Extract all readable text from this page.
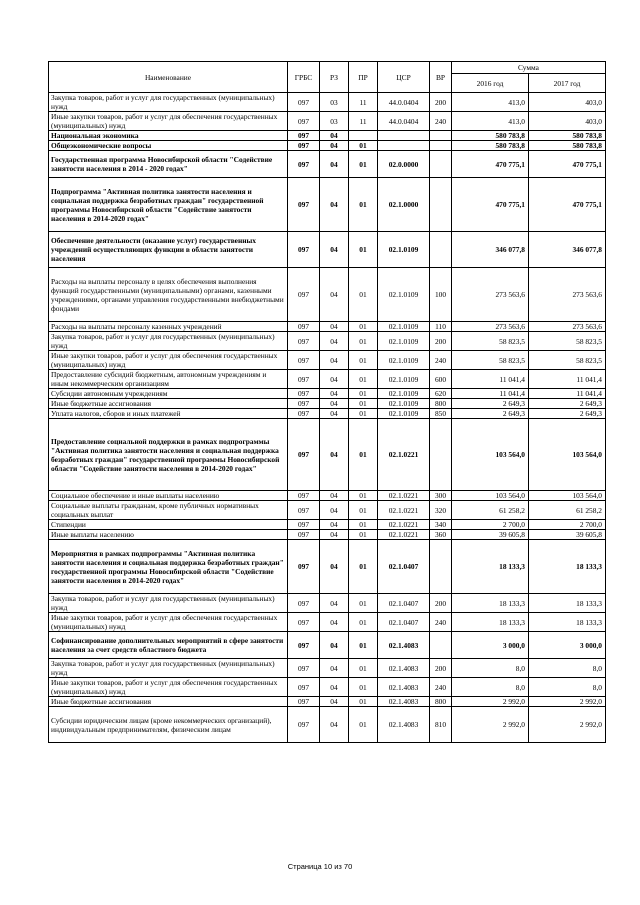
Наименование	ГРБС	РЗ	ПР	ЦСР	ВР	Сумма	
						2016 год	2017 год
Закупка товаров, работ и услуг для государственных (муниципальных) нужд	097	03	11	44.0.0404	200	413,0	403,0
Иные закупки товаров, работ и услуг для обеспечения государственных (муниципальных) нужд	097	03	11	44.0.0404	240	413,0	403,0
Национальная экономика	097	04				580 783,8	580 783,8
Общеэкономические вопросы	097	04	01			580 783,8	580 783,8
Государственная программа Новосибирской области "Содействие занятости населения в 2014 - 2020 годах"	097	04	01	02.0.0000		470 775,1	470 775,1
Подпрограмма "Активная политика занятости населения и социальная поддержка безработных граждан" государственной программы Новосибирской области "Содействие занятости населения в 2014-2020 годах"	097	04	01	02.1.0000		470 775,1	470 775,1
Обеспечение деятельности (оказание услуг) государственных учреждений осуществляющих функции в области занятости населения	097	04	01	02.1.0109		346 077,8	346 077,8
Расходы на выплаты персоналу в целях обеспечения выполнения функций государственными (муниципальными) органами, казенными учреждениями, органами управления государственными внебюджетными фондами	097	04	01	02.1.0109	100	273 563,6	273 563,6
Расходы на выплаты персоналу казенных учреждений	097	04	01	02.1.0109	110	273 563,6	273 563,6
Закупка товаров, работ и услуг для государственных (муниципальных) нужд	097	04	01	02.1.0109	200	58 823,5	58 823,5
Иные закупки товаров, работ и услуг для обеспечения государственных (муниципальных) нужд	097	04	01	02.1.0109	240	58 823,5	58 823,5
Предоставление субсидий бюджетным, автономным учреждениям и иным некоммерческим организациям	097	04	01	02.1.0109	600	11 041,4	11 041,4
Субсидии автономным учреждениям	097	04	01	02.1.0109	620	11 041,4	11 041,4
Иные бюджетные ассигнования	097	04	01	02.1.0109	800	2 649,3	2 649,3
Уплата налогов, сборов и иных платежей	097	04	01	02.1.0109	850	2 649,3	2 649,3
Предоставление социальной поддержки в рамках подпрограммы "Активная политика занятости населения и социальная поддержка безработных граждан" государственной программы Новосибирской области "Содействие занятости населения в 2014-2020 годах"	097	04	01	02.1.0221		103 564,0	103 564,0
Социальное обеспечение и иные выплаты населению	097	04	01	02.1.0221	300	103 564,0	103 564,0
Социальные выплаты гражданам, кроме публичных нормативных социальных выплат	097	04	01	02.1.0221	320	61 258,2	61 258,2
Стипендии	097	04	01	02.1.0221	340	2 700,0	2 700,0
Иные выплаты населению	097	04	01	02.1.0221	360	39 605,8	39 605,8
Мероприятия в рамках подпрограммы "Активная политика занятости населения и социальная поддержка безработных граждан" государственной программы Новосибирской области "Содействие занятости населения в 2014-2020 годах"	097	04	01	02.1.0407		18 133,3	18 133,3
Закупка товаров, работ и услуг для государственных (муниципальных) нужд	097	04	01	02.1.0407	200	18 133,3	18 133,3
Иные закупки товаров, работ и услуг для обеспечения государственных (муниципальных) нужд	097	04	01	02.1.0407	240	18 133,3	18 133,3
Софинансирование дополнительных мероприятий в сфере занятости населения за счет средств областного бюджета	097	04	01	02.1.4083		3 000,0	3 000,0
Закупка товаров, работ и услуг для государственных (муниципальных) нужд	097	04	01	02.1.4083	200	8,0	8,0
Иные закупки товаров, работ и услуг для обеспечения государственных (муниципальных) нужд	097	04	01	02.1.4083	240	8,0	8,0
Иные бюджетные ассигнования	097	04	01	02.1.4083	800	2 992,0	2 992,0
Субсидии юридическим лицам (кроме некоммерческих организаций), индивидуальным предпринимателям, физическим лицам	097	04	01	02.1.4083	810	2 992,0	2 992,0
Страница 10 из 70
